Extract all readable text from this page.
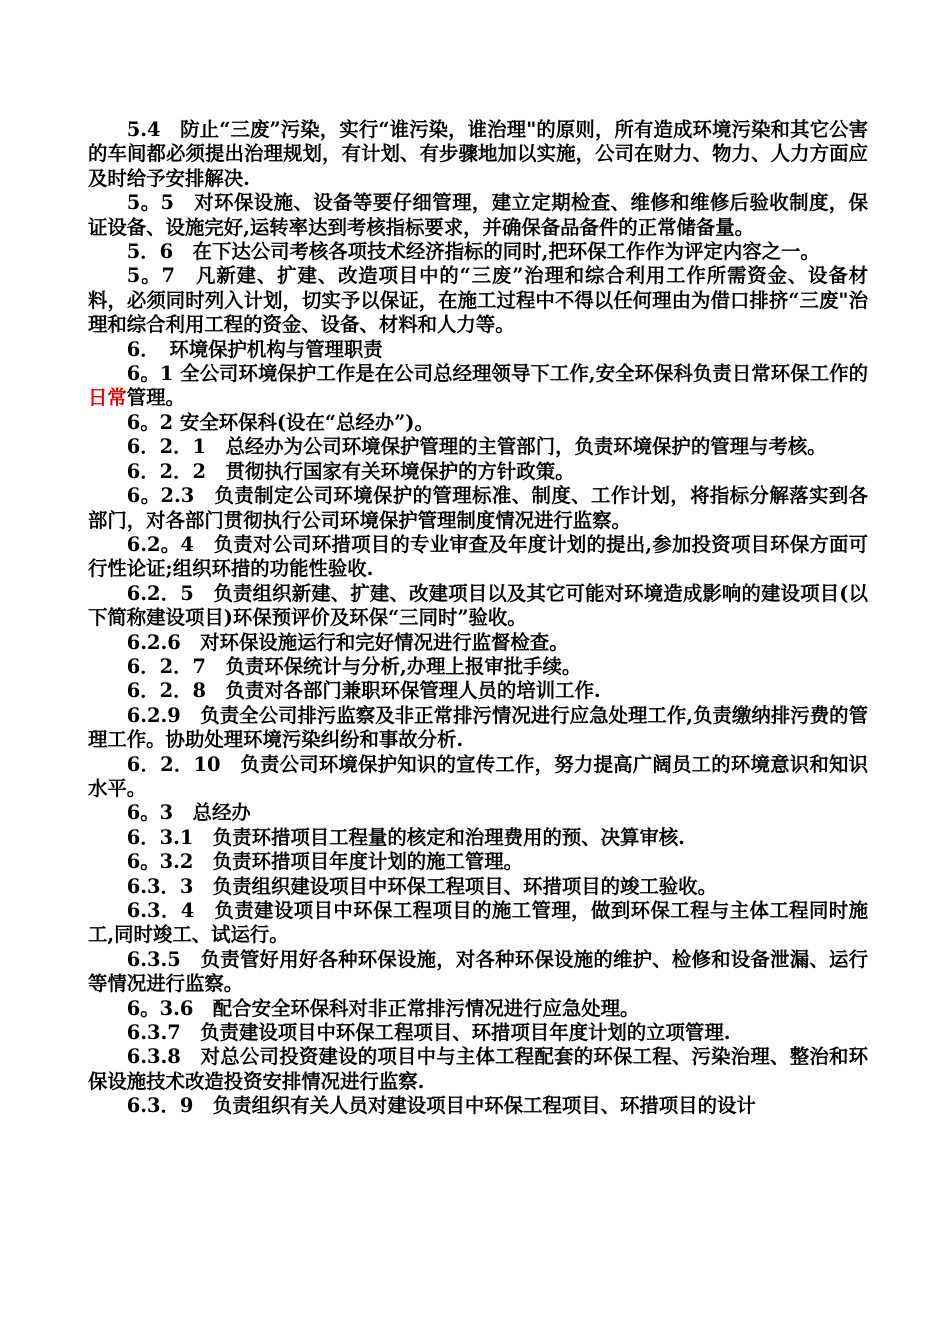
5.4　防止“三废”污染，实行“谁污染，谁治理"的原则，所有造成环境污染和其它公害的车间都必须提出治理规划，有计划、有步骤地加以实施，公司在财力、物力、人力方面应及时给予安排解决.

5。5　对环保设施、设备等要仔细管理，建立定期检查、维修和维修后验收制度，保证设备、设施完好,运转率达到考核指标要求，并确保备品备件的正常储备量。

5．6　在下达公司考核各项技术经济指标的同时,把环保工作作为评定内容之一。

5。7　凡新建、扩建、改造项目中的“三废”治理和综合利用工作所需资金、设备材料，必须同时列入计划，切实予以保证，在施工过程中不得以任何理由为借口排挤“三废"治理和综合利用工程的资金、设备、材料和人力等。

6．　环境保护机构与管理职责

6。1 全公司环境保护工作是在公司总经理领导下工作,安全环保科负责日常环保工作的日常管理。

6。2 安全环保科(设在“总经办”)。

6．2．1　总经办为公司环境保护管理的主管部门，负责环境保护的管理与考核。

6．2．2　贯彻执行国家有关环境保护的方针政策。

6。2.3　负责制定公司环境保护的管理标准、制度、工作计划，将指标分解落实到各部门，对各部门贯彻执行公司环境保护管理制度情况进行监察。

6.2。4　负责对公司环措项目的专业审查及年度计划的提出,参加投资项目环保方面可行性论证;组织环措的功能性验收.

6.2．5　负责组织新建、扩建、改建项目以及其它可能对环境造成影响的建设项目(以下简称建设项目)环保预评价及环保“三同时”验收。

6.2.6　对环保设施运行和完好情况进行监督检查。

6．2．7　负责环保统计与分析,办理上报审批手续。

6．2．8　负责对各部门兼职环保管理人员的培训工作.

6.2.9　负责全公司排污监察及非正常排污情况进行应急处理工作,负责缴纳排污费的管理工作。协助处理环境污染纠纷和事故分析.

6．2．10　负责公司环境保护知识的宣传工作，努力提高广阔员工的环境意识和知识水平。

6。3　总经办

6．3.1　负责环措项目工程量的核定和治理费用的预、决算审核.

6。3.2　负责环措项目年度计划的施工管理。

6.3．3　负责组织建设项目中环保工程项目、环措项目的竣工验收。

6.3．4　负责建设项目中环保工程项目的施工管理，做到环保工程与主体工程同时施工,同时竣工、试运行。

6.3.5　负责管好用好各种环保设施，对各种环保设施的维护、检修和设备泄漏、运行等情况进行监察。

6。3.6　配合安全环保科对非正常排污情况进行应急处理。

6.3.7　负责建设项目中环保工程项目、环措项目年度计划的立项管理.

6.3.8　对总公司投资建设的项目中与主体工程配套的环保工程、污染治理、整治和环保设施技术改造投资安排情况进行监察.

6.3．9　负责组织有关人员对建设项目中环保工程项目、环措项目的设计
